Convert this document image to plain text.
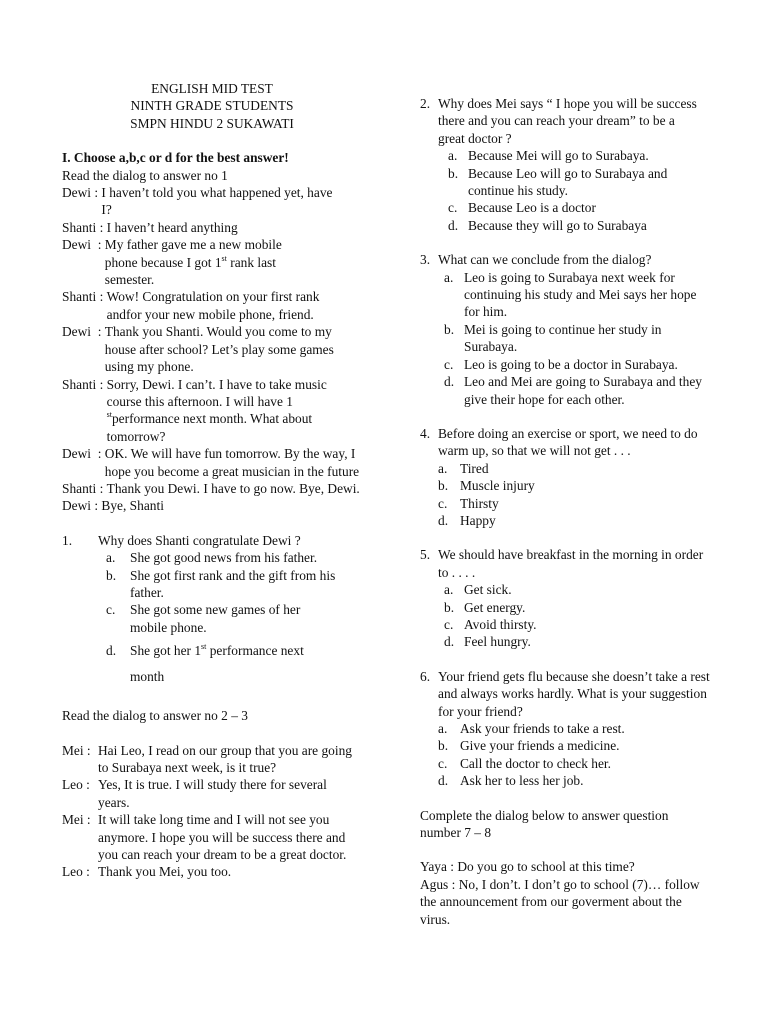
ENGLISH MID TEST
NINTH GRADE STUDENTS
SMPN HINDU 2 SUKAWATI
I. Choose a,b,c or d for the best answer!
Read the dialog to answer no 1
Dewi : I haven’t told you what happened yet, have I?
Shanti : I haven’t heard anything
Dewi  : My father gave me a new mobile phone because I got 1st rank last semester.
Shanti : Wow! Congratulation on your first rank andfor your new mobile phone, friend.
Dewi  : Thank you Shanti. Would you come to my house after school? Let’s play some games using my phone.
Shanti : Sorry, Dewi. I can’t. I have to take music course this afternoon. I will have 1 $^{st}$performance next month. What about tomorrow?
Dewi  : OK. We will have fun tomorrow. By the way, I hope you become a great musician in the future
Shanti : Thank you Dewi. I have to go now. Bye, Dewi.
Dewi : Bye, Shanti
1.	Why does Shanti congratulate Dewi ?
a.	She got good news from his father.
b.	She got first rank and the gift from his father.
c.	She got some new games of her mobile phone.
d.	She got her 1st performance next month
Read the dialog to answer no 2 – 3
Mei : Hai Leo, I read on our group that you are going to Surabaya next week, is it true?
Leo : Yes, It is true. I will study there for several years.
Mei : It will take long time and I will not see you anymore. I hope you will be success there and you can reach your dream to be a great doctor.
Leo : Thank you Mei, you too.
2. Why does Mei says “ I hope you will be success there and you can reach your dream” to be a great doctor ?
a. Because Mei will go to Surabaya.
b. Because Leo will go to Surabaya and continue his study.
c. Because Leo is a doctor
d. Because they will go to Surabaya
3. What can we conclude from the dialog?
a. Leo is going to Surabaya next week for continuing his study and Mei says her hope for him.
b. Mei is going to continue her study in Surabaya.
c. Leo is going to be a doctor in Surabaya.
d. Leo and Mei are going to Surabaya and they give their hope for each other.
4. Before doing an exercise or sport, we need to do warm up, so that we will not get . . .
a. Tired
b. Muscle injury
c. Thirsty
d. Happy
5. We should have breakfast in the morning in order to . . . .
a. Get sick.
b. Get energy.
c. Avoid thirsty.
d. Feel hungry.
6. Your friend gets flu because she doesn’t take a rest and always works hardly. What is your suggestion for your friend?
a. Ask your friends to take a rest.
b. Give your friends a medicine.
c. Call the doctor to check her.
d. Ask her to less her job.
Complete the dialog below to answer question number 7 – 8
Yaya : Do you go to school at this time?
Agus : No, I don’t. I don’t go to school (7)… follow the announcement from our goverment about the virus.
